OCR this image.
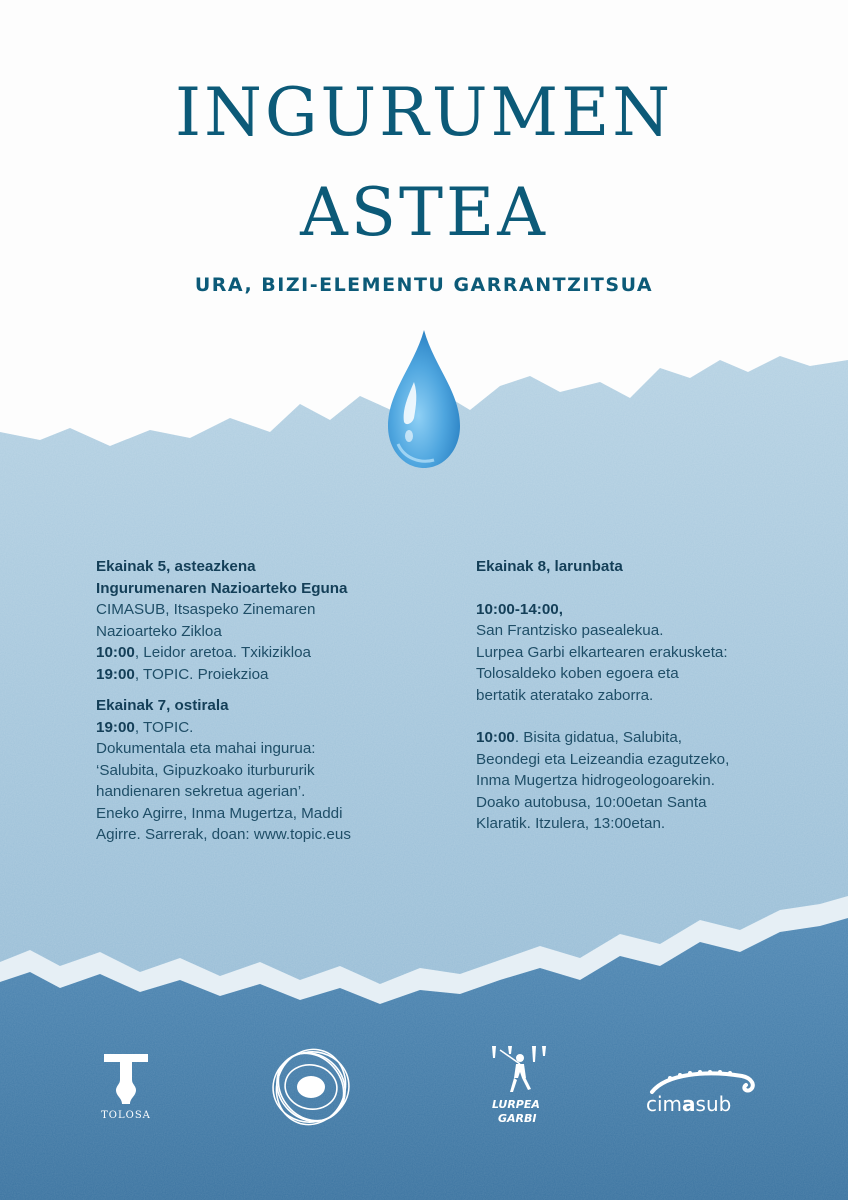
INGURUMEN
ASTEA
URA, BIZI-ELEMENTU GARRANTZITSUA

Ekainak 5, asteazkena

Ingurumenaren Nazioarteko Eguna

CIMASUB, Itsaspeko Zinemaren

Nazioarteko Zikloa

10:00, Leidor aretoa. Txikizikloa

19:00, TOPIC. Proiekzioa

Ekainak 7, ostirala

19:00, TOPIC.

Dokumentala eta mahai ingurua:

‘Salubita, Gipuzkoako iturbururik

handienaren sekretua agerian’.

Eneko Agirre, Inma Mugertza, Maddi

Agirre. Sarrerak, doan: www.topic.eus

Ekainak 8, larunbata

10:00-14:00,

San Frantzisko pasealekua.

Lurpea Garbi elkartearen erakusketa:

Tolosaldeko koben egoera eta

bertatik ateratako zaborra.

10:00. Bisita gidatua, Salubita,

Beondegi eta Leizeandia ezagutzeko,

Inma Mugertza hidrogeologoarekin.

Doako autobusa, 10:00etan Santa

Klaratik. Itzulera, 13:00etan.

TOLOSA
LURPEA
GARBI
cimasub
